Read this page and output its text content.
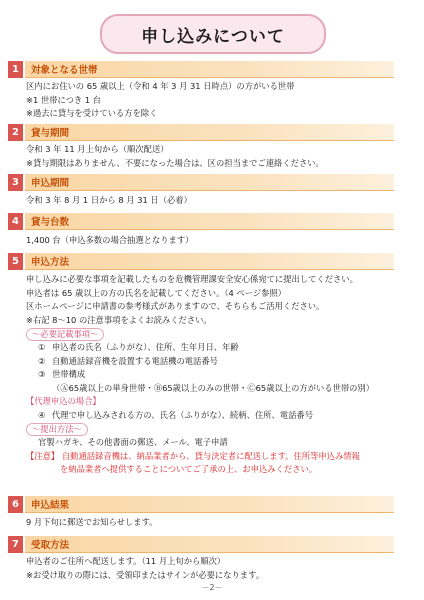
申し込みについて
1	対象となる世帯
区内にお住いの 65 歳以上（令和 4 年 3 月 31 日時点）の方がいる世帯
※1 世帯につき 1 台
※過去に貸与を受けている方を除く
2	貸与期間
令和 3 年 11 月上旬から（順次配送）
※貸与期限はありません、不要になった場合は、区の担当までご連絡ください。
3	申込期間
令和 3 年 8 月 1 日から 8 月 31 日（必着）
4	貸与台数
1,400 台（申込多数の場合抽選となります）
5	申込方法
申し込みに必要な事項を記載したものを危機管理課安全安心係宛てに提出してください。
申込者は 65 歳以上の方の氏名を記載してください。（4 ページ参照）
区ホームページに申請書の参考様式がありますので、そちらもご活用ください。
※右記 8～10 の注意事項をよくお読みください。
～必要記載事項～
① 申込者の氏名（ふりがな）、住所、生年月日、年齢
② 自動通話録音機を設置する電話機の電話番号
③ 世帯構成
（Ⓐ65歳以上の単身世帯・Ⓑ65歳以上のみの世帯・Ⓒ65歳以上の方がいる世帯の別）
【代理申込の場合】
④ 代理で申し込みされる方の、氏名（ふりがな）、続柄、住所、電話番号
～提出方法～
官製ハガキ、その他書面の郵送、メール、電子申請
【注意】 自動通話録音機は、納品業者から、貸与決定者に配送します。住所等申込み情報
を納品業者へ提供することについてご了承の上、お申込みください。
6	申込結果
9 月下旬に郵送でお知らせします。
7	受取方法
申込者のご住所へ配送します。（11 月上旬から順次）
※お受け取りの際には、受領印またはサインが必要になります。
－2－
